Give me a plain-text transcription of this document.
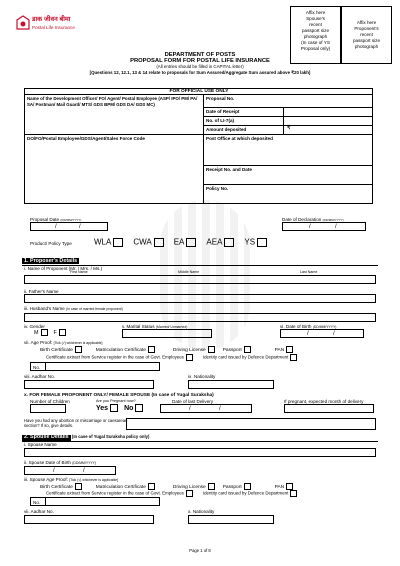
डाक जीवन बीमा
Postal Life Insurance
Affix here
Spouse's
recent
passport size
photograph
(In case of YS
Proposal only)
Affix here
Proponent's
recent
passport size
photograph
DEPARTMENT OF POSTS
PROPOSAL FORM FOR POSTAL LIFE INSURANCE
(All entries should be filled in CAPITAL letter)
[Questions 12, 12.1, 13 & 14 relate to proposals for Sum Assured/Aggregate Sum assured above ₹20 lakh]
FOR OFFICIAL USE ONLY
Name of the Development Officer/ FO/ Agent/ Postal Employee (ASP/ IPO/ PM/ PA/ SA/ Postman/ Mail Guard/ MTS/ GDS BPM/ GDS DA/ GDS MC)
Proposal No.
Date of Receipt
No. of LI-7(a)
Amount deposited	₹
DO/FO/Postal Employee/GDS/Agent/Sales Force Code	Post Office at which deposited
Receipt No. and Date
Policy No.
Proposal Date (DD/MM/YYYY)
/	/
Date of Declaration (DD/MM/YYYY)
/	/
Product/ Policy Type	WLA	CWA	EA	AEA	YS
1. Proposer's Details
i. Name of Proponent (Mr. / Mrs. / Ms.)
First Name	Middle Name	Last Name
ii. Father's Name
iii. Husband's Name (In case of married female proponent)
iv. Gender
M	F
v. Marital Status (Married/ Unmarried)	vi. Date of Birth (DD/MM/YYYY)
/	/
vii. Age Proof: [Tick (√) whichever is applicable]
Birth Certificate	Matriculation Certificate	Driving License	Passport	PAN
Certificate extract from Service register in the case of Govt. Employees	Identity card issued by Defence Department
No.
viii. Aadhar No.	ix. Nationality
x. FOR FEMALE PROPONENT ONLY/ FEMALE SPOUSE (In case of Yugal Suraksha)
Number of Children	Are you Pregnant now?
Yes No
Date of last Delivery
/	/
If pregnant, expected month of delivery
Have you had any abortion or miscarriage or caesarean section? If so, give details.
2. Spouse Details (In case of Yugal Suraksha policy only)
i. Spouse Name
ii. Spouse Date of Birth (DD/MM/YYYY)
/	/
iii. Spouse Age Proof: [Tick (√) whichever is applicable]
Birth Certificate	Matriculation Certificate	Driving License	Passport	PAN
Certificate extract from Service register in the case of Govt. Employees	Identity card issued by Defence Department
No.
vii. Aadhar No.	x. Nationality
Page 1 of 8
